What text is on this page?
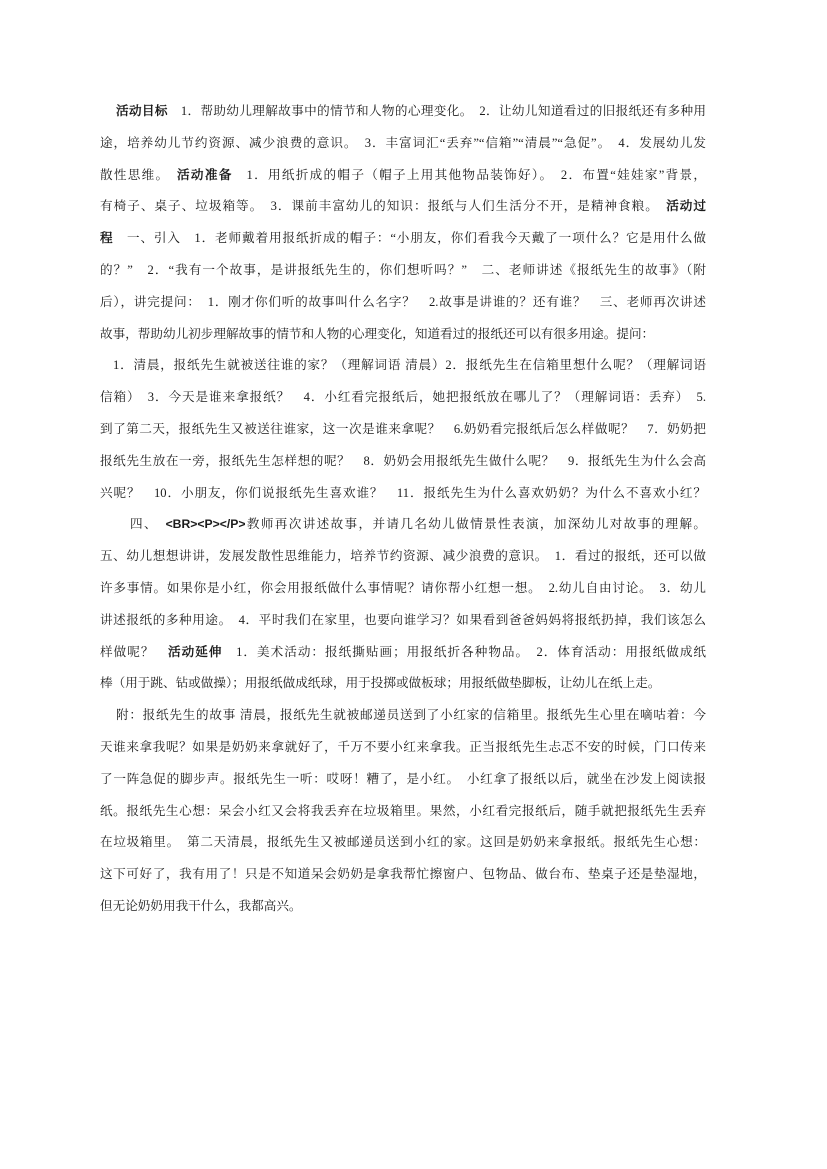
活动目标　1．帮助幼儿理解故事中的情节和人物的心理变化。　2．让幼儿知道看过的旧报纸还有多种用
途，培养幼儿节约资源、减少浪费的意识。　3．丰富词汇“丢弃”“信箱”“清晨”“急促”。　4．发展幼儿发
散性思维。　活动准备　1．用纸折成的帽子（帽子上用其他物品装饰好）。　2．布置“娃娃家”背景，
有椅子、桌子、垃圾箱等。　3．课前丰富幼儿的知识：报纸与人们生活分不开，是精神食粮。　活动过
程　一、引入　1．老师戴着用报纸折成的帽子：“小朋友，你们看我今天戴了一项什么？它是用什么做
的？”　2．“我有一个故事，是讲报纸先生的，你们想听吗？”　二、老师讲述《报纸先生的故事》（附
后），讲完提问：　1．刚才你们听的故事叫什么名字？　2.故事是讲谁的？还有谁？　三、老师再次讲述
故事，帮助幼儿初步理解故事的情节和人物的心理变化，知道看过的报纸还可以有很多用途。提问：
1．清晨，报纸先生就被送往谁的家？（理解词语 清晨）2．报纸先生在信箱里想什么呢？（理解词语
信箱）　3．今天是谁来拿报纸？　4．小红看完报纸后，她把报纸放在哪儿了？（理解词语：丢弃）　5.
到了第二天，报纸先生又被送往谁家，这一次是谁来拿呢？　6.奶奶看完报纸后怎么样做呢？　7．奶奶把
报纸先生放在一旁，报纸先生怎样想的呢？　8．奶奶会用报纸先生做什么呢？　9．报纸先生为什么会高
兴呢？　10．小朋友，你们说报纸先生喜欢谁？　11．报纸先生为什么喜欢奶奶？为什么不喜欢小红？
四、　<BR><P></P>教师再次讲述故事，并请几名幼儿做情景性表演，加深幼儿对故事的理解。
五、幼儿想想讲讲，发展发散性思维能力，培养节约资源、减少浪费的意识。　1．看过的报纸，还可以做
许多事情。如果你是小红，你会用报纸做什么事情呢？请你帮小红想一想。　2.幼儿自由讨论。　3．幼儿
讲述报纸的多种用途。　4．平时我们在家里，也要向谁学习？如果看到爸爸妈妈将报纸扔掉，我们该怎么
样做呢？　活动延伸　1．美术活动：报纸撕贴画；用报纸折各种物品。　2．体育活动：用报纸做成纸
棒（用于跳、钻或做操）；用报纸做成纸球，用于投掷或做板球；用报纸做垫脚板，让幼儿在纸上走。
附：报纸先生的故事 清晨，报纸先生就被邮递员送到了小红家的信箱里。报纸先生心里在嘀咕着：今
天谁来拿我呢？如果是奶奶来拿就好了，千万不要小红来拿我。正当报纸先生忐忑不安的时候，门口传来
了一阵急促的脚步声。报纸先生一听：哎呀！糟了，是小红。　小红拿了报纸以后，就坐在沙发上阅读报
纸。报纸先生心想：呆会小红又会将我丢弃在垃圾箱里。果然，小红看完报纸后，随手就把报纸先生丢弃
在垃圾箱里。　第二天清晨，报纸先生又被邮递员送到小红的家。这回是奶奶来拿报纸。报纸先生心想：
这下可好了，我有用了！只是不知道呆会奶奶是拿我帮忙擦窗户、包物品、做台布、垫桌子还是垫湿地，
但无论奶奶用我干什么，我都高兴。
